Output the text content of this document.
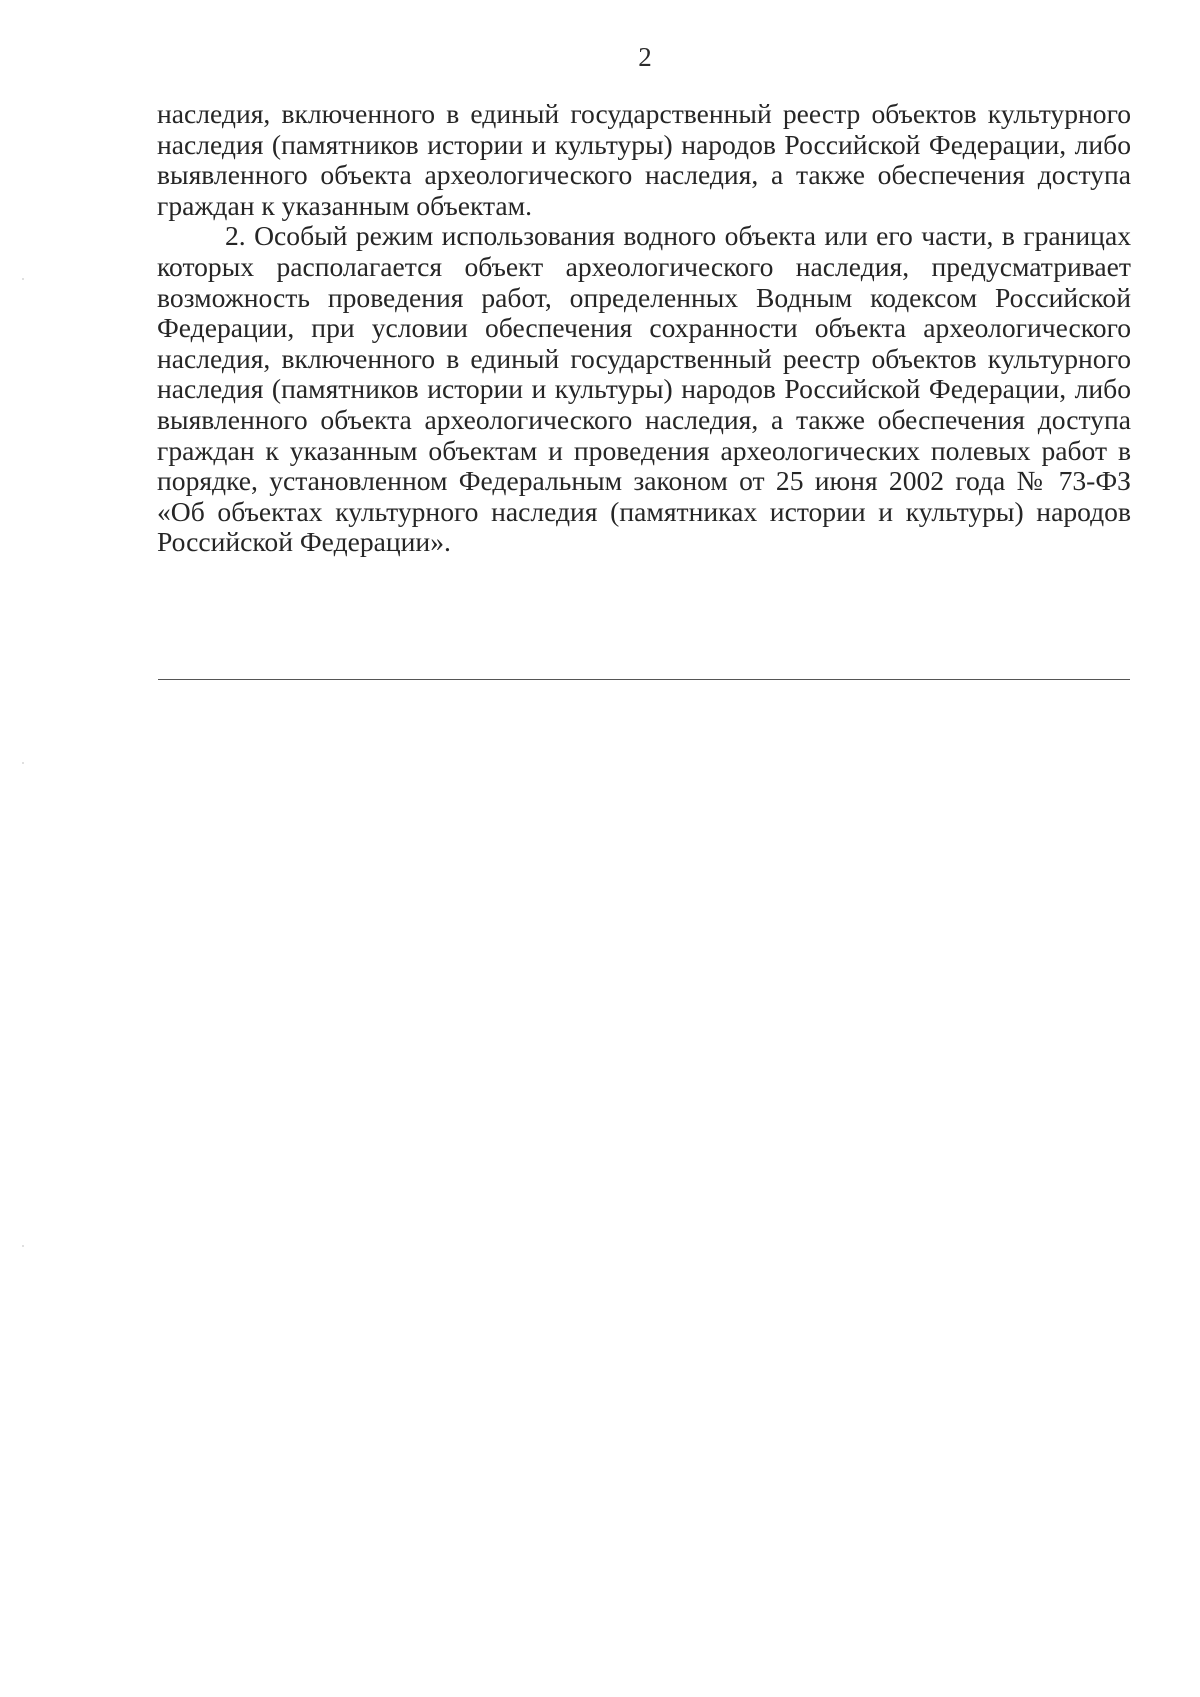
2

наследия, включенного в единый государственный реестр объектов культурного наследия (памятников истории и культуры) народов Российской Федерации, либо выявленного объекта археологического наследия, а также обеспечения доступа граждан к указанным объектам.

2. Особый режим использования водного объекта или его части, в границах которых располагается объект археологического наследия, предусматривает возможность проведения работ, определенных Водным кодексом Российской Федерации, при условии обеспечения сохранности объекта археологического наследия, включенного в единый государственный реестр объектов культурного наследия (памятников истории и культуры) народов Российской Федерации, либо выявленного объекта археологического наследия, а также обеспечения доступа граждан к указанным объектам и проведения археологических полевых работ в порядке, установленном Федеральным законом от 25 июня 2002 года № 73-ФЗ «Об объектах культурного наследия (памятниках истории и культуры) народов Российской Федерации».
